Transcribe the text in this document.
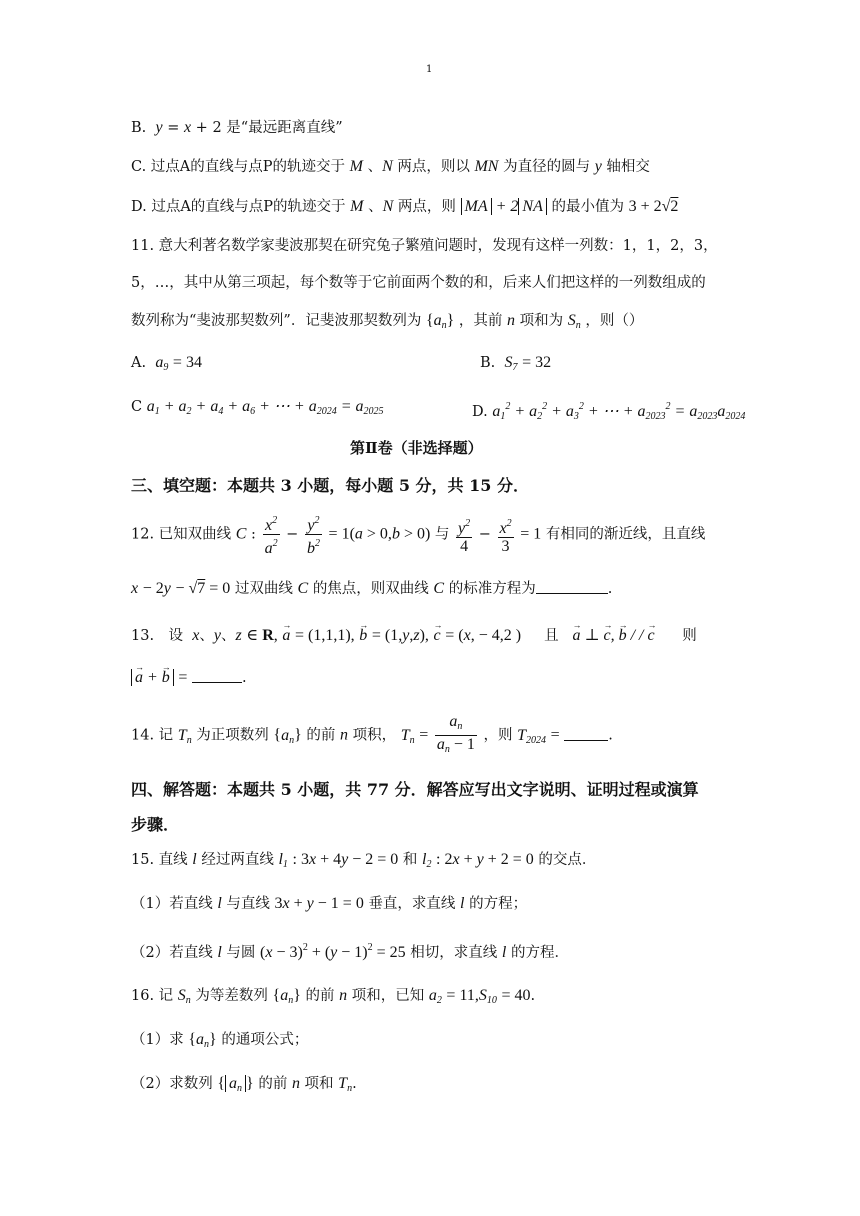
1
B. y = x + 2 是“最远距离直线”
C. 过点A的直线与点P的轨迹交于 M 、N 两点，则以 MN 为直径的圆与 y 轴相交
D. 过点A的直线与点P的轨迹交于 M 、N 两点，则 MA + 2 NA 的最小值为 3 + 2√2
11. 意大利著名数学家斐波那契在研究兔子繁殖问题时，发现有这样一列数：1，1，2，3，
5，…，其中从第三项起，每个数等于它前面两个数的和，后来人们把这样的一列数组成的
数列称为“斐波那契数列”．记斐波那契数列为 $\{a_n\}$ ，其前 n 项和为 $S_n$ ，则（）
A. $a_9 = 34$	B. $S_7 = 32$
C $a_1 + a_2 + a_4 + a_6$ + ⋯ + $a_{2024} = a_{2025}$	D. $a_1^2 + a_2^2 + a_3^2$ + ⋯ + $a_{2023}^2 = a_{2023}a_{2024}$
第Ⅱ卷（非选择题）
三、填空题：本题共 3 小题，每小题 5 分，共 15 分．
12. 已知双曲线 C : $\frac{x^2}{a^2} - \frac{y^2}{b^2} = 1(a > 0,b > 0)$ 与 $\frac{y^2}{4} - \frac{x^2}{3} = 1$ 有相同的渐近线，且直线
x − 2y − √7 = 0 过双曲线 C 的焦点，则双曲线 C 的标准方程为	.
13.　设 x、y、z ∈ R, a → = (1,1,1), b → = (1,y,z), c → = (x, − 4,2 ) 且 a → ⊥ c →, b → / / c → 则
a → + b → =	.
14. 记 $T_n$ 为正项数列 $\{a_n\}$ 的前 n 项积， $T_n = \frac{a_n}{a_n - 1}$ ，则 $T_{2024}$ =	.
四、解答题：本题共 5 小题，共 77 分．解答应写出文字说明、证明过程或演算
步骤．
15. 直线 l 经过两直线 $l_1$ : 3x + 4y − 2 = 0 和 $l_2$ : 2x + y + 2 = 0 的交点．
（1）若直线 l 与直线 3x + y − 1 = 0 垂直，求直线 l 的方程；
（2）若直线 l 与圆 $(x - 3)^2 + (y - 1)^2 = 25$ 相切，求直线 l 的方程．
16. 记 $S_n$ 为等差数列 $\{a_n\}$ 的前 n 项和，已知 $a_2 = 11,S_{10} = 40$.
（1）求 $\{a_n\}$ 的通项公式；
（2）求数列 { $a_n$ } 的前 n 项和 $T_n$.
